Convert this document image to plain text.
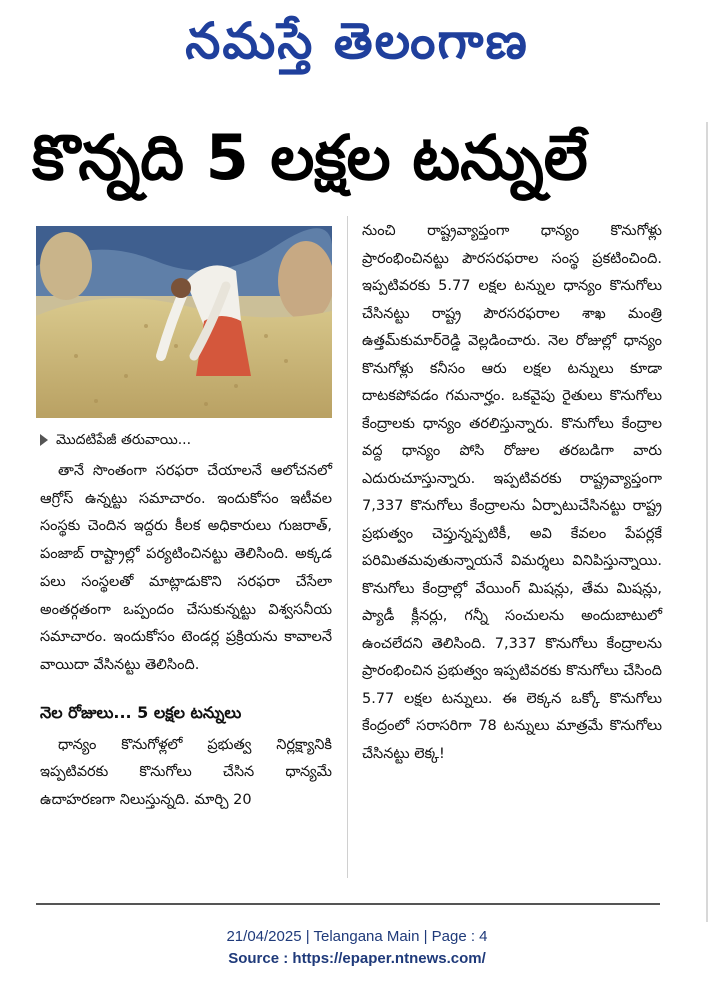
నమస్తే తెలంగాణ
కొన్నది 5 లక్షల టన్నులే
మొదటిపేజీ తరువాయి...

తానే సొంతంగా సరఫరా చేయాలనే ఆలోచనలో ఆగ్రోస్ ఉన్నట్టు సమాచారం. ఇందుకోసం ఇటీవల సంస్థకు చెందిన ఇద్దరు కీలక అధికారులు గుజరాత్, పంజాబ్ రాష్ట్రాల్లో పర్యటించినట్టు తెలిసింది. అక్కడ పలు సంస్థలతో మాట్లాడుకొని సరఫరా చేసేలా అంతర్గతంగా ఒప్పందం చేసుకున్నట్టు విశ్వసనీయ సమాచారం. ఇందుకోసం టెండర్ల ప్రక్రియను కావాలనే వాయిదా వేసినట్టు తెలిసింది.

నెల రోజులు... 5 లక్షల టన్నులు

ధాన్యం కొనుగోళ్లలో ప్రభుత్వ నిర్లక్ష్యానికి ఇప్పటివరకు కొనుగోలు చేసిన ధాన్యమే ఉదాహరణగా నిలుస్తున్నది. మార్చి 20

నుంచి రాష్ట్రవ్యాప్తంగా ధాన్యం కొనుగోళ్లు ప్రారంభించినట్టు పౌరసరఫరాల సంస్థ ప్రకటించింది. ఇప్పటివరకు 5.77 లక్షల టన్నుల ధాన్యం కొనుగోలు చేసినట్టు రాష్ట్ర పౌరసరఫరాల శాఖ మంత్రి ఉత్తమ్‌కుమార్‌రెడ్డి వెల్లడించారు. నెల రోజుల్లో ధాన్యం కొనుగోళ్లు కనీసం ఆరు లక్షల టన్నులు కూడా దాటకపోవడం గమనార్హం. ఒకవైపు రైతులు కొనుగోలు కేంద్రాలకు ధాన్యం తరలిస్తున్నారు. కొనుగోలు కేంద్రాల వద్ద ధాన్యం పోసి రోజుల తరబడిగా వారు ఎదురుచూస్తున్నారు. ఇప్పటివరకు రాష్ట్రవ్యాప్తంగా 7,337 కొనుగోలు కేంద్రాలను ఏర్పాటుచేసినట్టు రాష్ట్ర ప్రభుత్వం చెప్తున్నప్పటికీ, అవి కేవలం పేపర్లకే పరిమితమవుతున్నాయనే విమర్శలు వినిపిస్తున్నాయి. కొనుగోలు కేంద్రాల్లో వేయింగ్ మిషన్లు, తేమ మిషన్లు, ప్యాడీ క్లీనర్లు, గన్నీ సంచులను అందుబాటులో ఉంచలేదని తెలిసింది. 7,337 కొనుగోలు కేంద్రాలను ప్రారంభించిన ప్రభుత్వం ఇప్పటివరకు కొనుగోలు చేసింది 5.77 లక్షల టన్నులు. ఈ లెక్కన ఒక్కో కొనుగోలు కేంద్రంలో సరాసరిగా 78 టన్నులు మాత్రమే కొనుగోలు చేసినట్టు లెక్క!

21/04/2025 | Telangana Main | Page : 4
Source : https://epaper.ntnews.com/
